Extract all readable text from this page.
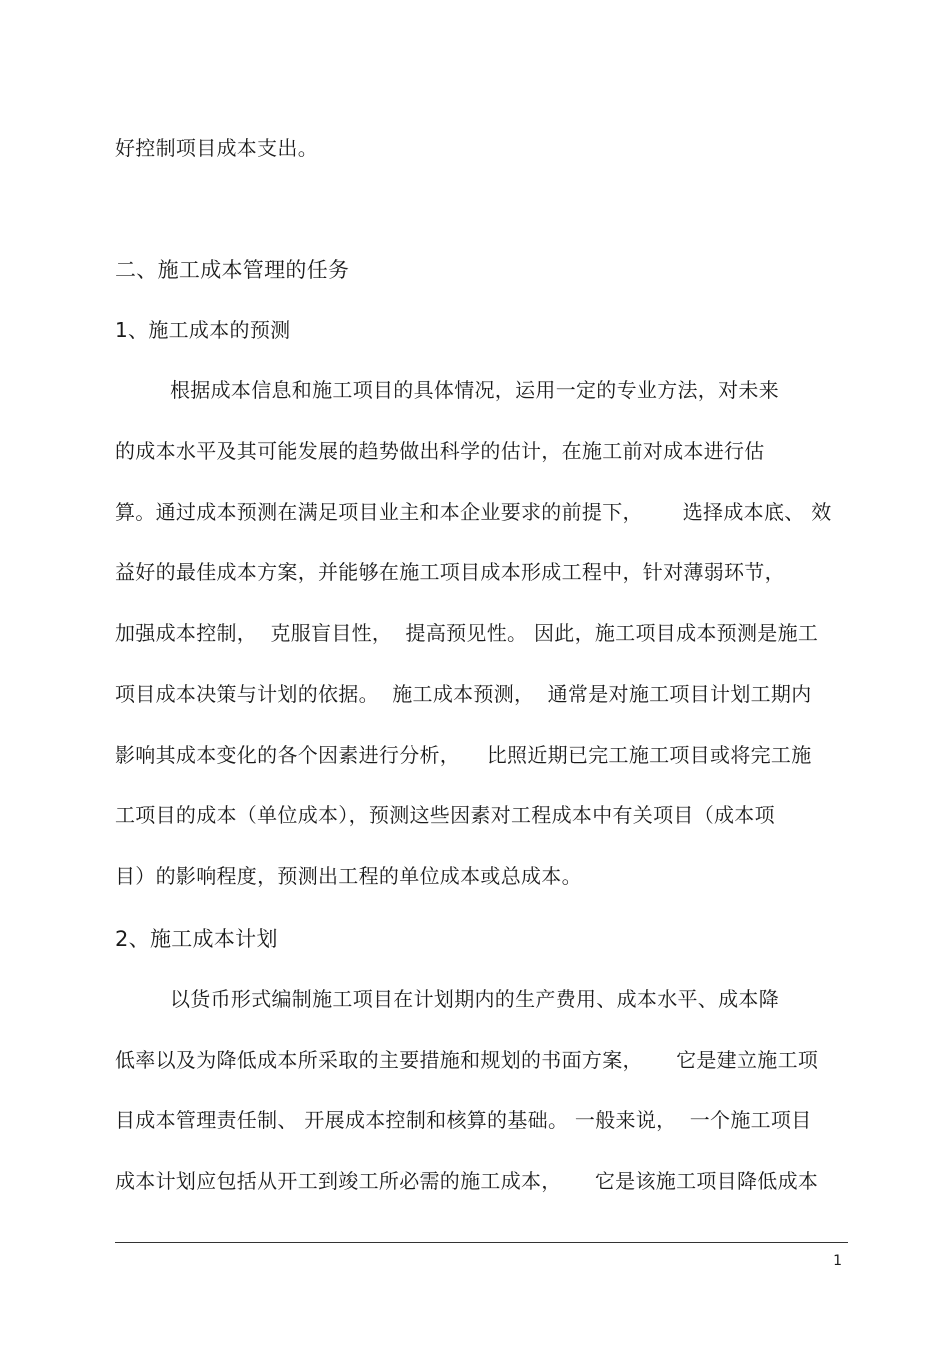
好控制项目成本支出。
二、施工成本管理的任务
1、施工成本的预测
根据成本信息和施工项目的具体情况，运用一定的专业方法，对未来
的成本水平及其可能发展的趋势做出科学的估计，在施工前对成本进行估
算。通过成本预测在满足项目业主和本企业要求的前提下，      选择成本底、 效
益好的最佳成本方案，并能够在施工项目成本形成工程中，针对薄弱环节，
加强成本控制，  克服盲目性，  提高预见性。 因此，施工项目成本预测是施工
项目成本决策与计划的依据。  施工成本预测，  通常是对施工项目计划工期内
影响其成本变化的各个因素进行分析，    比照近期已完工施工项目或将完工施
工项目的成本（单位成本），预测这些因素对工程成本中有关项目（成本项
目）的影响程度，预测出工程的单位成本或总成本。
2、施工成本计划
以货币形式编制施工项目在计划期内的生产费用、成本水平、成本降
低率以及为降低成本所采取的主要措施和规划的书面方案，     它是建立施工项
目成本管理责任制、 开展成本控制和核算的基础。 一般来说，  一个施工项目
成本计划应包括从开工到竣工所必需的施工成本，     它是该施工项目降低成本
1
